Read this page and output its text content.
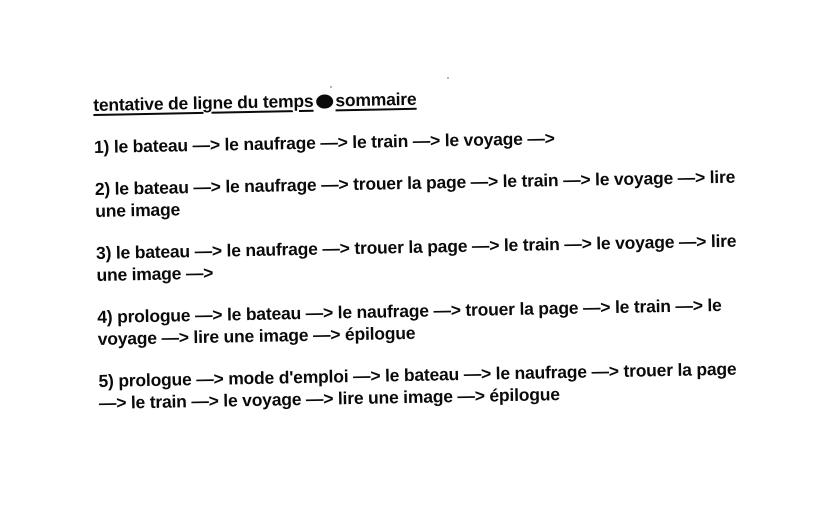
tentative de ligne du temps sommaire

1) le bateau —> le naufrage —> le train —> le voyage —>

2) le bateau —> le naufrage —> trouer la page —> le train —> le voyage —> lire

une image

3) le bateau —> le naufrage —> trouer la page —> le train —> le voyage —> lire

une image —>

4) prologue —> le bateau —> le naufrage —> trouer la page —> le train —> le

voyage —> lire une image —> épilogue

5) prologue —> mode d'emploi —> le bateau —> le naufrage —> trouer la page

—> le train —> le voyage —> lire une image —> épilogue
